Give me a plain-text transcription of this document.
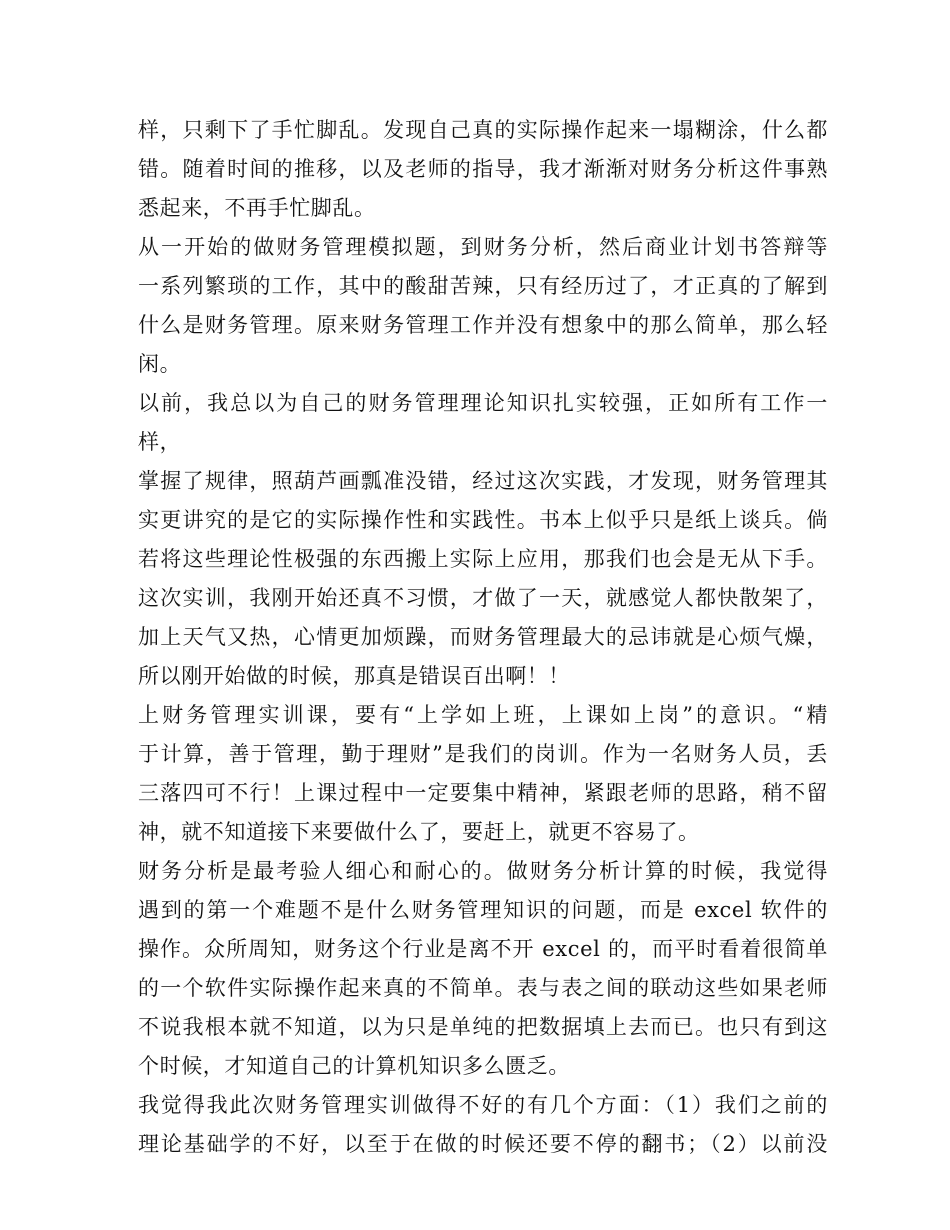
样，只剩下了手忙脚乱。发现自己真的实际操作起来一塌糊涂，什么都
错。随着时间的推移，以及老师的指导，我才渐渐对财务分析这件事熟
悉起来，不再手忙脚乱。
从一开始的做财务管理模拟题，到财务分析，然后商业计划书答辩等
一系列繁琐的工作，其中的酸甜苦辣，只有经历过了，才正真的了解到
什么是财务管理。原来财务管理工作并没有想象中的那么简单，那么轻
闲。
以前，我总以为自己的财务管理理论知识扎实较强，正如所有工作一
样，
掌握了规律，照葫芦画瓢准没错，经过这次实践，才发现，财务管理其
实更讲究的是它的实际操作性和实践性。书本上似乎只是纸上谈兵。倘
若将这些理论性极强的东西搬上实际上应用，那我们也会是无从下手。
这次实训，我刚开始还真不习惯，才做了一天，就感觉人都快散架了，
加上天气又热，心情更加烦躁，而财务管理最大的忌讳就是心烦气燥，
所以刚开始做的时候，那真是错误百出啊！！
上财务管理实训课，要有“上学如上班，上课如上岗”的意识。“精
于计算，善于管理，勤于理财”是我们的岗训。作为一名财务人员，丢
三落四可不行！上课过程中一定要集中精神，紧跟老师的思路，稍不留
神，就不知道接下来要做什么了，要赶上，就更不容易了。
财务分析是最考验人细心和耐心的。做财务分析计算的时候，我觉得
遇到的第一个难题不是什么财务管理知识的问题，而是 excel 软件的
操作。众所周知，财务这个行业是离不开 excel 的，而平时看着很简单
的一个软件实际操作起来真的不简单。表与表之间的联动这些如果老师
不说我根本就不知道，以为只是单纯的把数据填上去而已。也只有到这
个时候，才知道自己的计算机知识多么匮乏。
我觉得我此次财务管理实训做得不好的有几个方面：（1）我们之前的
理论基础学的不好，以至于在做的时候还要不停的翻书；（2）以前没
